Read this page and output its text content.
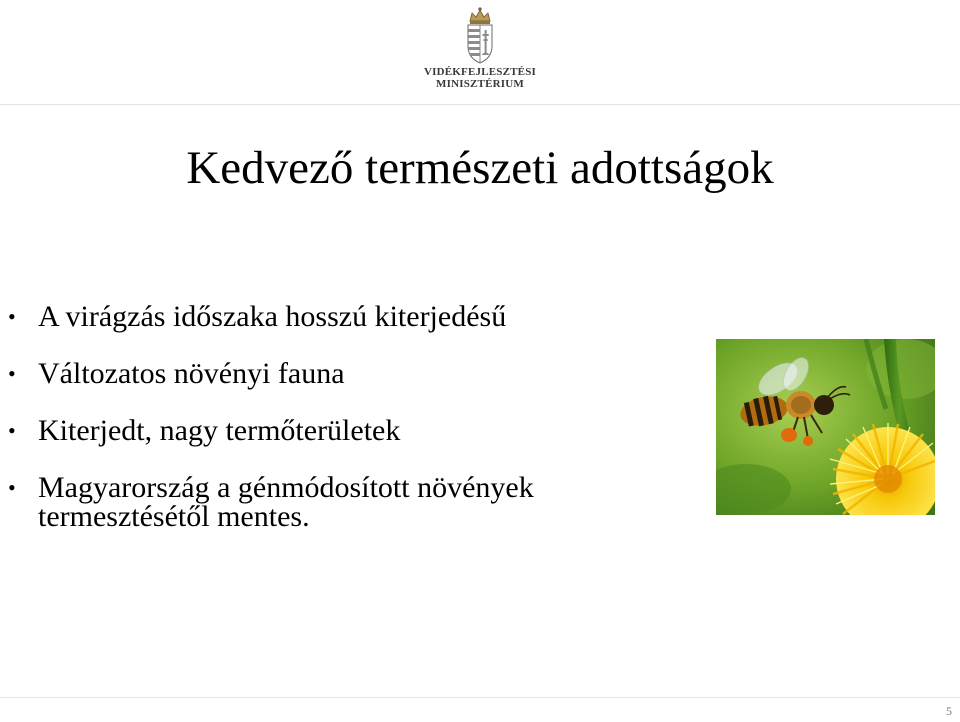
VIDÉKFEJLESZTÉSI
MINISZTÉRIUM
Kedvező természeti adottságok
• A virágzás időszaka hosszú kiterjedésű
• Változatos növényi fauna
• Kiterjedt, nagy termőterületek
• Magyarország a génmódosított növények termesztésétől mentes.
5
